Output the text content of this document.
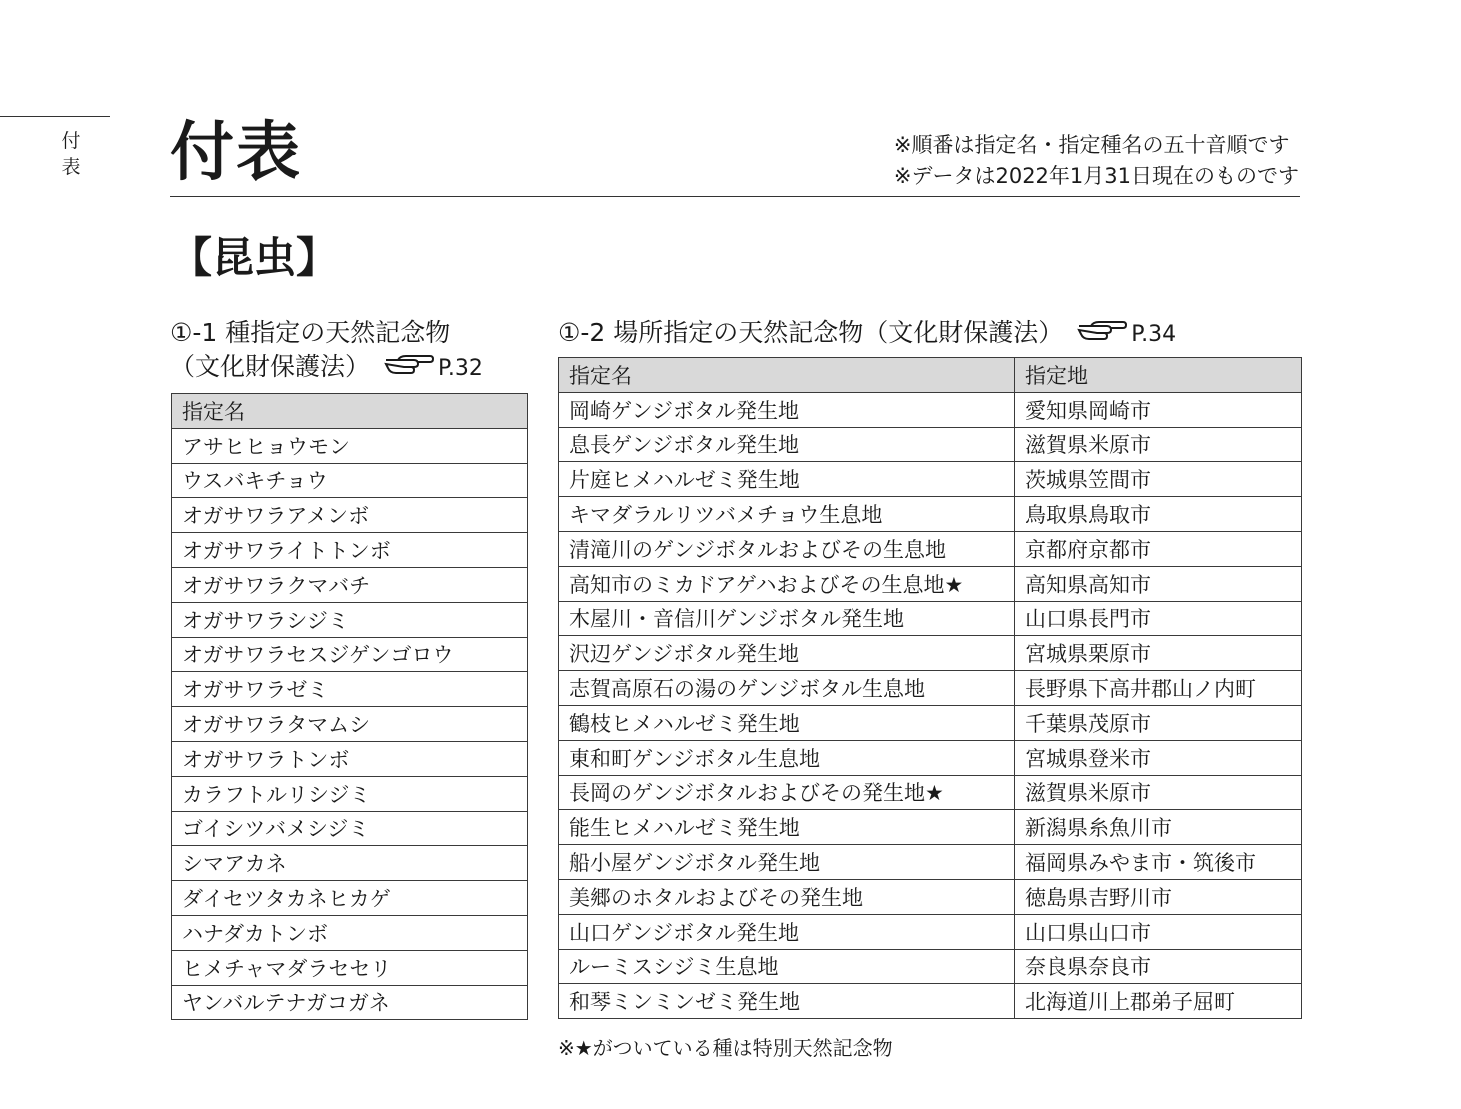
付表 付表	※順番は指定名・指定種名の五十音順です
※データは2022年1月31日現在のものです
【昆虫】
①-1 種指定の天然記念物
（文化財保護法）	P.32
指定名
アサヒヒョウモン
ウスバキチョウ
オガサワラアメンボ
オガサワライトトンボ
オガサワラクマバチ
オガサワラシジミ
オガサワラセスジゲンゴロウ
オガサワラゼミ
オガサワラタマムシ
オガサワラトンボ
カラフトルリシジミ
ゴイシツバメシジミ
シマアカネ
ダイセツタカネヒカゲ
ハナダカトンボ
ヒメチャマダラセセリ
ヤンバルテナガコガネ
①-2 場所指定の天然記念物（文化財保護法）	P.34
指定名	指定地
岡崎ゲンジボタル発生地	愛知県岡崎市
息長ゲンジボタル発生地	滋賀県米原市
片庭ヒメハルゼミ発生地	茨城県笠間市
キマダラルリツバメチョウ生息地	鳥取県鳥取市
清滝川のゲンジボタルおよびその生息地	京都府京都市
高知市のミカドアゲハおよびその生息地★	高知県高知市
木屋川・音信川ゲンジボタル発生地	山口県長門市
沢辺ゲンジボタル発生地	宮城県栗原市
志賀高原石の湯のゲンジボタル生息地	長野県下高井郡山ノ内町
鶴枝ヒメハルゼミ発生地	千葉県茂原市
東和町ゲンジボタル生息地	宮城県登米市
長岡のゲンジボタルおよびその発生地★	滋賀県米原市
能生ヒメハルゼミ発生地	新潟県糸魚川市
船小屋ゲンジボタル発生地	福岡県みやま市・筑後市
美郷のホタルおよびその発生地	徳島県吉野川市
山口ゲンジボタル発生地	山口県山口市
ルーミスシジミ生息地	奈良県奈良市
和琴ミンミンゼミ発生地	北海道川上郡弟子屈町
※★がついている種は特別天然記念物
